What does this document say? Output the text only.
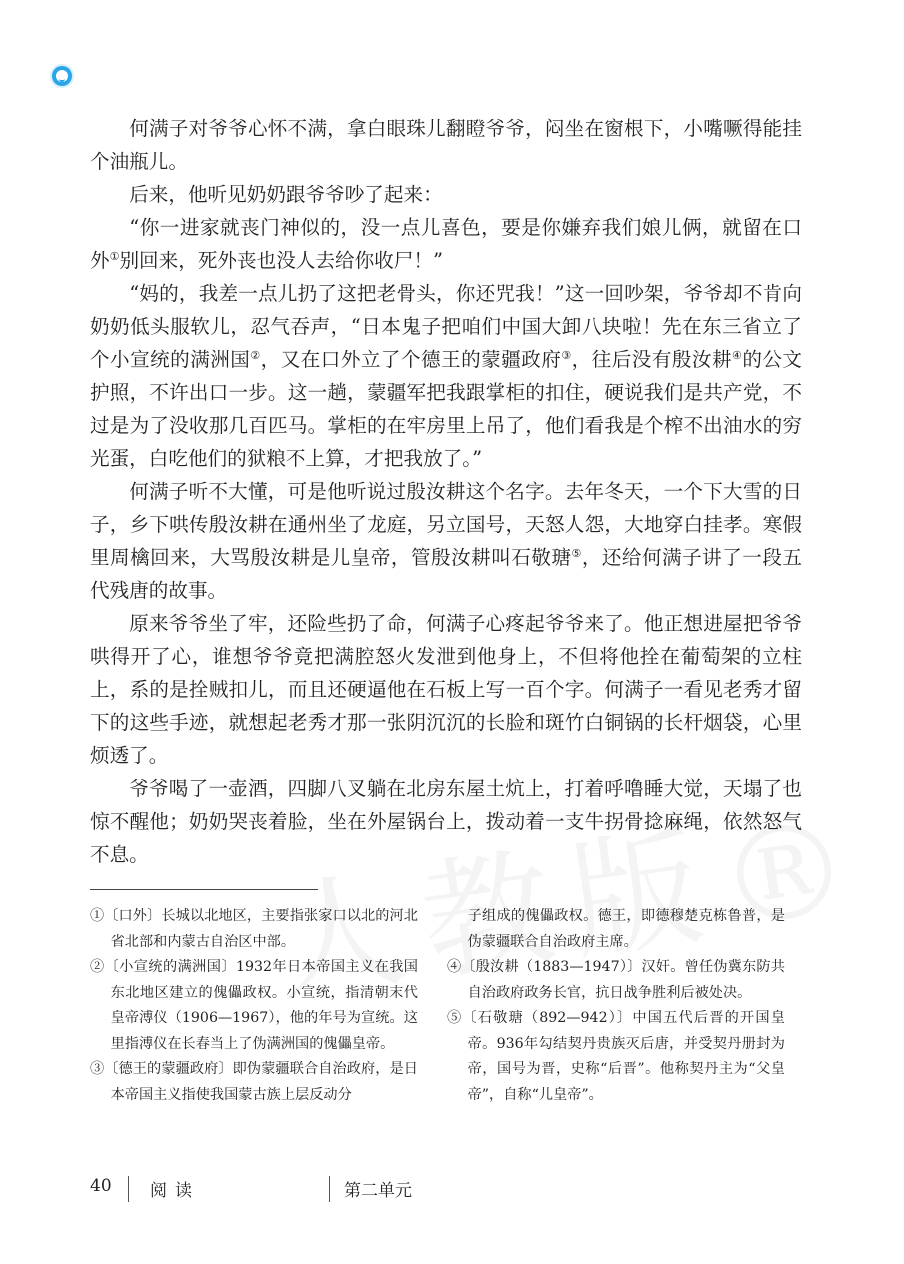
何满子对爷爷心怀不满，拿白眼珠儿翻瞪爷爷，闷坐在窗根下，小嘴噘得能挂个油瓶儿。

后来，他听见奶奶跟爷爷吵了起来：

“你一进家就丧门神似的，没一点儿喜色，要是你嫌弃我们娘儿俩，就留在口外①别回来，死外丧也没人去给你收尸！”

“妈的，我差一点儿扔了这把老骨头，你还咒我！”这一回吵架，爷爷却不肯向奶奶低头服软儿，忍气吞声，“日本鬼子把咱们中国大卸八块啦！先在东三省立了个小宣统的满洲国②，又在口外立了个德王的蒙疆政府③，往后没有殷汝耕④的公文护照，不许出口一步。这一趟，蒙疆军把我跟掌柜的扣住，硬说我们是共产党，不过是为了没收那几百匹马。掌柜的在牢房里上吊了，他们看我是个榨不出油水的穷光蛋，白吃他们的狱粮不上算，才把我放了。”

何满子听不大懂，可是他听说过殷汝耕这个名字。去年冬天，一个下大雪的日子，乡下哄传殷汝耕在通州坐了龙庭，另立国号，天怒人怨，大地穿白挂孝。寒假里周檎回来，大骂殷汝耕是儿皇帝，管殷汝耕叫石敬瑭⑤，还给何满子讲了一段五代残唐的故事。

原来爷爷坐了牢，还险些扔了命，何满子心疼起爷爷来了。他正想进屋把爷爷哄得开了心，谁想爷爷竟把满腔怒火发泄到他身上，不但将他拴在葡萄架的立柱上，系的是拴贼扣儿，而且还硬逼他在石板上写一百个字。何满子一看见老秀才留下的这些手迹，就想起老秀才那一张阴沉沉的长脸和斑竹白铜锅的长杆烟袋，心里烦透了。

爷爷喝了一壶酒，四脚八叉躺在北房东屋土炕上，打着呼噜睡大觉，天塌了也惊不醒他；奶奶哭丧着脸，坐在外屋锅台上，拨动着一支牛拐骨捻麻绳，依然怒气不息。

①〔口外〕长城以北地区，主要指张家口以北的河北省北部和内蒙古自治区中部。
②〔小宣统的满洲国〕1932年日本帝国主义在我国东北地区建立的傀儡政权。小宣统，指清朝末代皇帝溥仪（1906—1967），他的年号为宣统。这里指溥仪在长春当上了伪满洲国的傀儡皇帝。
③〔德王的蒙疆政府〕即伪蒙疆联合自治政府，是日本帝国主义指使我国蒙古族上层反动分
子组成的傀儡政权。德王，即德穆楚克栋鲁普，是伪蒙疆联合自治政府主席。
④〔殷汝耕（1883—1947）〕汉奸。曾任伪冀东防共自治政府政务长官，抗日战争胜利后被处决。
⑤〔石敬瑭（892—942）〕中国五代后晋的开国皇帝。936年勾结契丹贵族灭后唐，并受契丹册封为帝，国号为晋，史称“后晋”。他称契丹主为“父皇帝”，自称“儿皇帝”。
40 阅读	第二单元
